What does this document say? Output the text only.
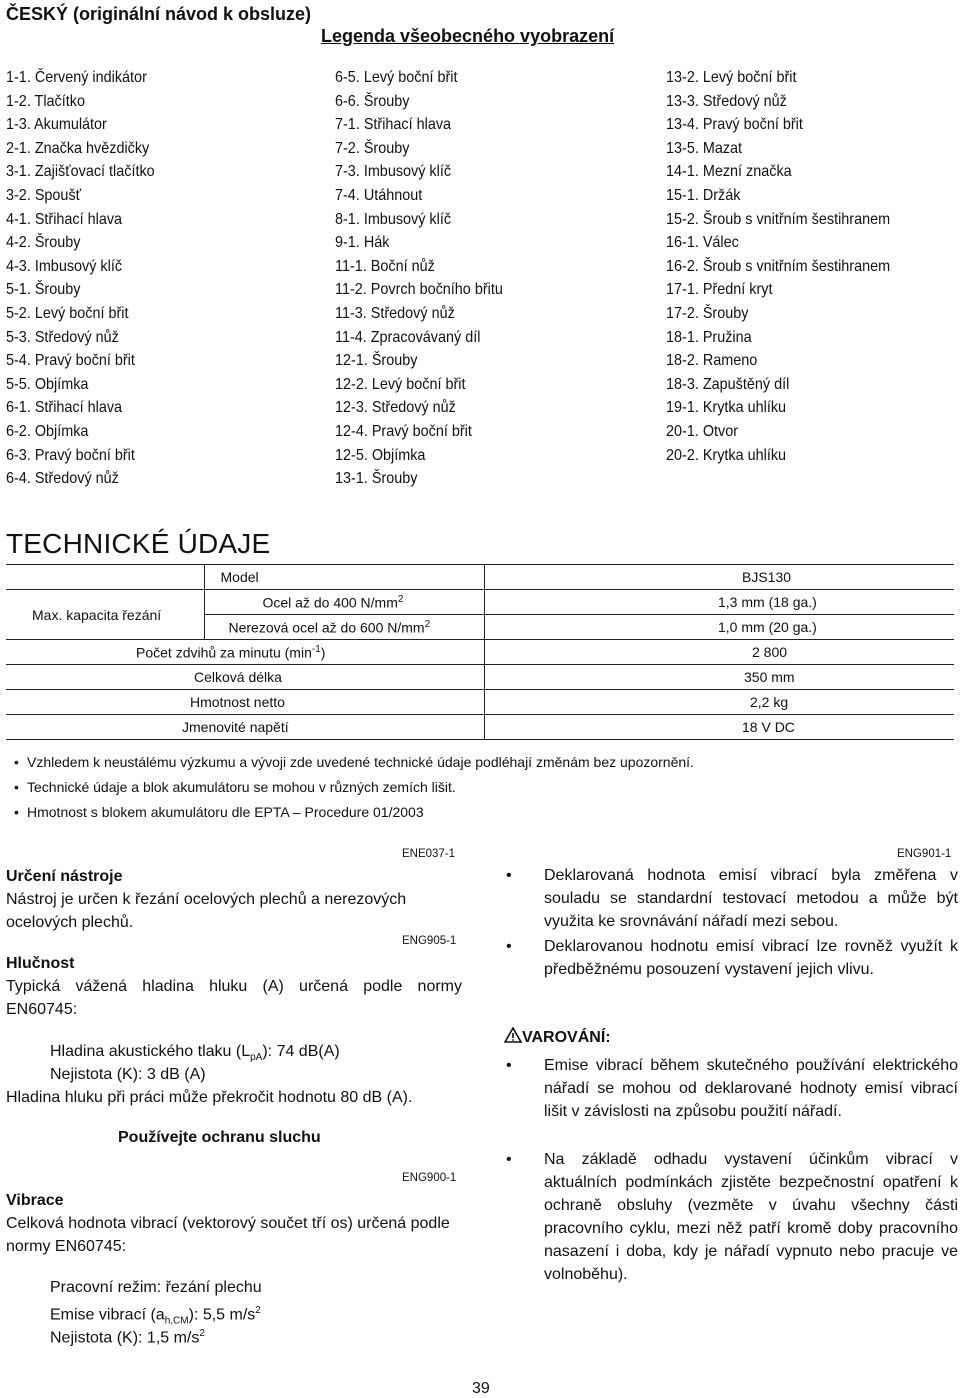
ČESKÝ (originální návod k obsluze)
Legenda všeobecného vyobrazení
1-1. Červený indikátor
1-2. Tlačítko
1-3. Akumulátor
2-1. Značka hvězdičky
3-1. Zajišťovací tlačítko
3-2. Spoušť
4-1. Střihací hlava
4-2. Šrouby
4-3. Imbusový klíč
5-1. Šrouby
5-2. Levý boční břit
5-3. Středový nůž
5-4. Pravý boční břit
5-5. Objímka
6-1. Střihací hlava
6-2. Objímka
6-3. Pravý boční břit
6-4. Středový nůž
6-5. Levý boční břit
6-6. Šrouby
7-1. Střihací hlava
7-2. Šrouby
7-3. Imbusový klíč
7-4. Utáhnout
8-1. Imbusový klíč
9-1. Hák
11-1. Boční nůž
11-2. Povrch bočního břitu
11-3. Středový nůž
11-4. Zpracovávaný díl
12-1. Šrouby
12-2. Levý boční břit
12-3. Středový nůž
12-4. Pravý boční břit
12-5. Objímka
13-1. Šrouby
13-2. Levý boční břit
13-3. Středový nůž
13-4. Pravý boční břit
13-5. Mazat
14-1. Mezní značka
15-1. Držák
15-2. Šroub s vnitřním šestihranem
16-1. Válec
16-2. Šroub s vnitřním šestihranem
17-1. Přední kryt
17-2. Šrouby
18-1. Pružina
18-2. Rameno
18-3. Zapuštěný díl
19-1. Krytka uhlíku
20-1. Otvor
20-2. Krytka uhlíku
TECHNICKÉ ÚDAJE
	Model		BJS130
Max. kapacita řezání	Ocel až do 400 $N/mm^2$		1,3 mm (18 ga.)
	Nerezová ocel až do 600 $N/mm^2$		1,0 mm (20 ga.)
Počet zdvihů za minutu $(\min^{-1})$			2 800
Celková délka			350 mm
Hmotnost netto			2,2 kg
Jmenovité napětí			18 V DC
• Vzhledem k neustálému výzkumu a vývoji zde uvedené technické údaje podléhají změnám bez upozornění.
• Technické údaje a blok akumulátoru se mohou v různých zemích lišit.
• Hmotnost s blokem akumulátoru dle EPTA – Procedure 01/2003
ENE037-1
Určení nástroje
Nástroj je určen k řezání ocelových plechů a nerezových ocelových plechů.
ENG905-1
Hlučnost
Typická vážená hladina hluku (A) určená podle normy EN60745:
Hladina akustického tlaku $(L_{pA})$: 74 dB(A)
Nejistota (K): 3 dB (A)
Hladina hluku při práci může překročit hodnotu 80 dB (A).
Používejte ochranu sluchu
ENG900-1
Vibrace
Celková hodnota vibrací (vektorový součet tří os) určená podle normy EN60745:
Pracovní režim: řezání plechu
Emise vibrací $(a_{h,CM})$: 5,5 $m/s^2$
Nejistota (K): 1,5 $m/s^2$
ENG901-1
• Deklarovaná hodnota emisí vibrací byla změřena v souladu se standardní testovací metodou a může být využita ke srovnávání nářadí mezi sebou.
• Deklarovanou hodnotu emisí vibrací lze rovněž využít k předběžnému posouzení vystavení jejich vlivu.
VAROVÁNÍ:
• Emise vibrací během skutečného používání elektrického nářadí se mohou od deklarované hodnoty emisí vibrací lišit v závislosti na způsobu použití nářadí.
• Na základě odhadu vystavení účinkům vibrací v aktuálních podmínkách zjistěte bezpečnostní opatření k ochraně obsluhy (vezměte v úvahu všechny části pracovního cyklu, mezi něž patří kromě doby pracovního nasazení i doba, kdy je nářadí vypnuto nebo pracuje ve volnoběhu).
39
